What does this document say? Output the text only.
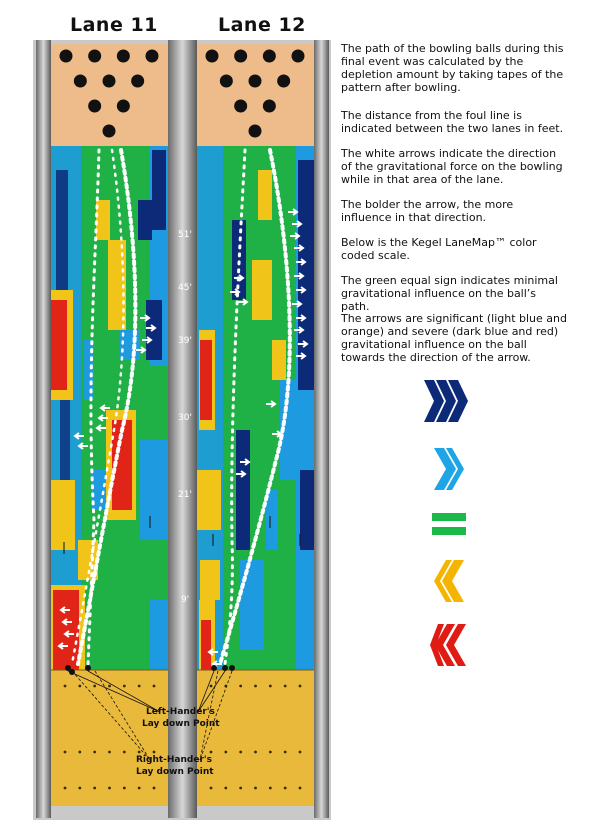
Lane 11	Lane 12
51'
45'
39'
30'
21'
9'
Left-Hander's
Lay down Point
Right-Hander's
Lay down Point

The path of the bowling balls during this final event was calculated by the depletion amount by taking tapes of the pattern after bowling.

The distance from the foul line is indicated between the two lanes in feet.

The white arrows indicate the direction of the gravitational force on the bowling while in that area of the lane.

The bolder the arrow, the more influence in that direction.

Below is the Kegel LaneMap™ color coded scale.

The green equal sign indicates minimal gravitational influence on the ball’s path.

The arrows are significant (light blue and orange) and severe (dark blue and red) gravitational influence on the ball towards the direction of the arrow.
